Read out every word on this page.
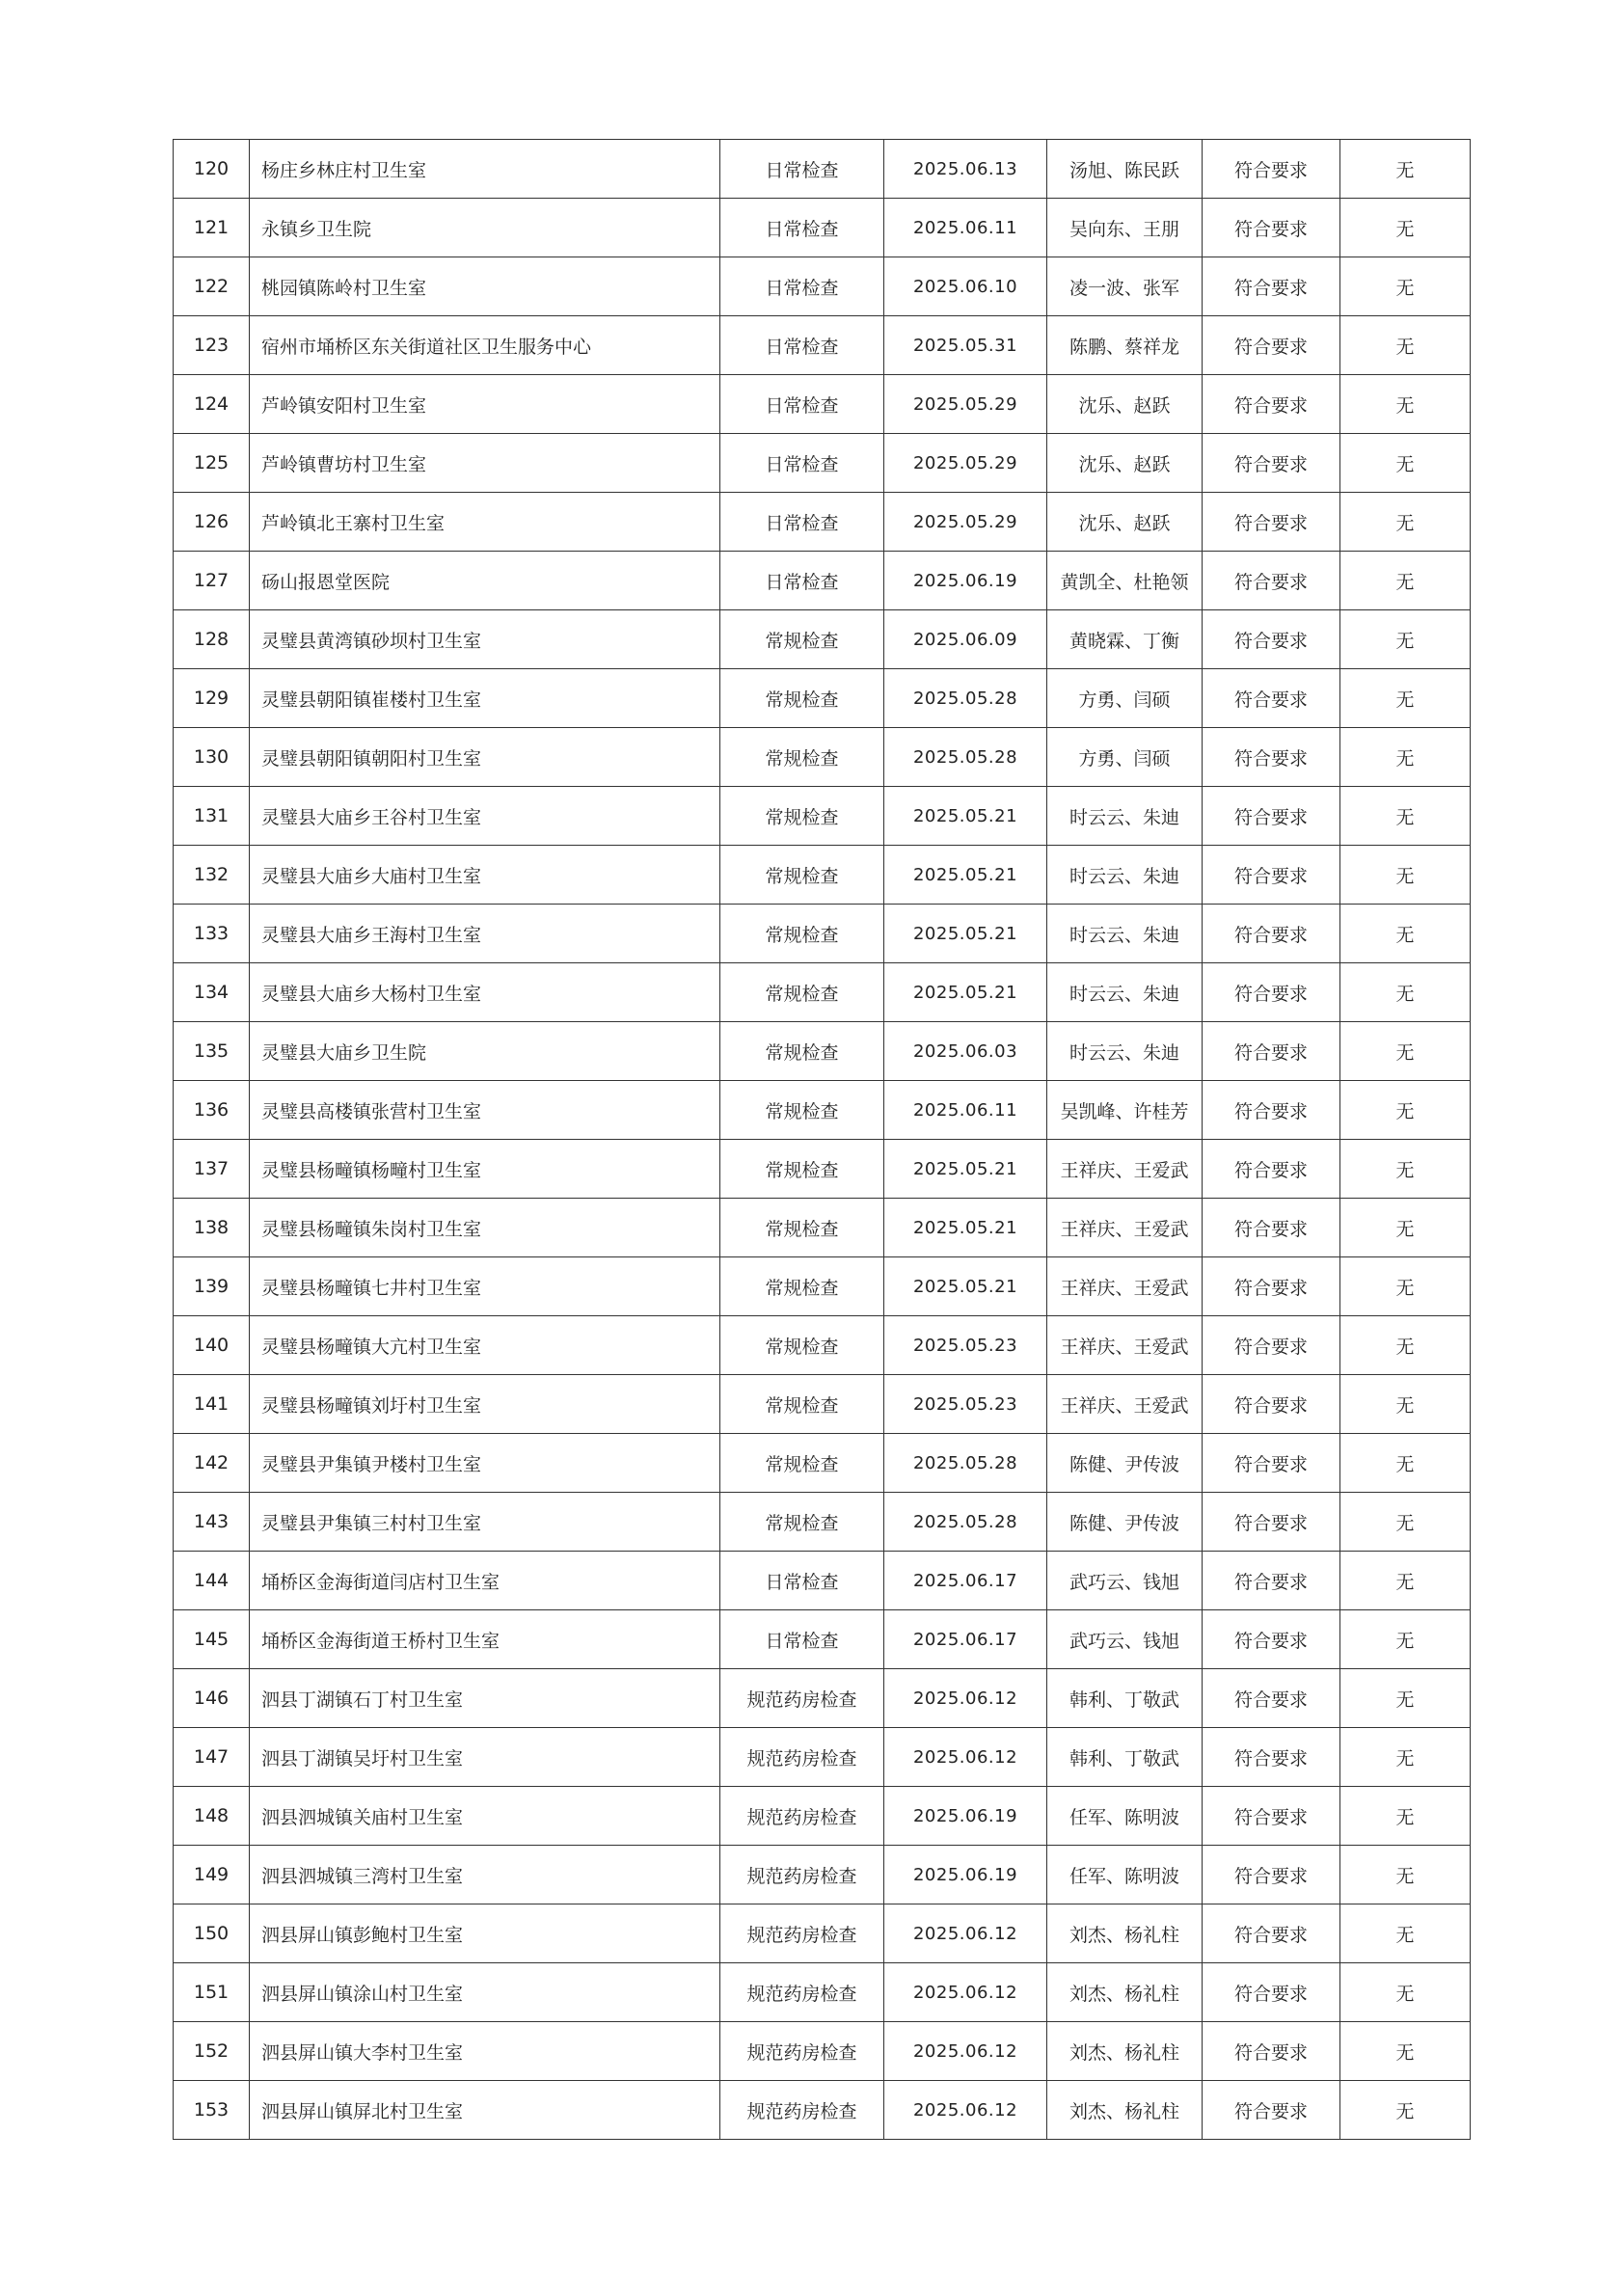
120	杨庄乡林庄村卫生室	日常检查	2025.06.13	汤旭、陈民跃	符合要求	无
121	永镇乡卫生院	日常检查	2025.06.11	吴向东、王朋	符合要求	无
122	桃园镇陈岭村卫生室	日常检查	2025.06.10	凌一波、张军	符合要求	无
123	宿州市埇桥区东关街道社区卫生服务中心	日常检查	2025.05.31	陈鹏、蔡祥龙	符合要求	无
124	芦岭镇安阳村卫生室	日常检查	2025.05.29	沈乐、赵跃	符合要求	无
125	芦岭镇曹坊村卫生室	日常检查	2025.05.29	沈乐、赵跃	符合要求	无
126	芦岭镇北王寨村卫生室	日常检查	2025.05.29	沈乐、赵跃	符合要求	无
127	砀山报恩堂医院	日常检查	2025.06.19	黄凯全、杜艳领	符合要求	无
128	灵璧县黄湾镇砂坝村卫生室	常规检查	2025.06.09	黄晓霖、丁衡	符合要求	无
129	灵璧县朝阳镇崔楼村卫生室	常规检查	2025.05.28	方勇、闫硕	符合要求	无
130	灵璧县朝阳镇朝阳村卫生室	常规检查	2025.05.28	方勇、闫硕	符合要求	无
131	灵璧县大庙乡王谷村卫生室	常规检查	2025.05.21	时云云、朱迪	符合要求	无
132	灵璧县大庙乡大庙村卫生室	常规检查	2025.05.21	时云云、朱迪	符合要求	无
133	灵璧县大庙乡王海村卫生室	常规检查	2025.05.21	时云云、朱迪	符合要求	无
134	灵璧县大庙乡大杨村卫生室	常规检查	2025.05.21	时云云、朱迪	符合要求	无
135	灵璧县大庙乡卫生院	常规检查	2025.06.03	时云云、朱迪	符合要求	无
136	灵璧县高楼镇张营村卫生室	常规检查	2025.06.11	吴凯峰、许桂芳	符合要求	无
137	灵璧县杨疃镇杨疃村卫生室	常规检查	2025.05.21	王祥庆、王爱武	符合要求	无
138	灵璧县杨疃镇朱岗村卫生室	常规检查	2025.05.21	王祥庆、王爱武	符合要求	无
139	灵璧县杨疃镇七井村卫生室	常规检查	2025.05.21	王祥庆、王爱武	符合要求	无
140	灵璧县杨疃镇大亢村卫生室	常规检查	2025.05.23	王祥庆、王爱武	符合要求	无
141	灵璧县杨疃镇刘圩村卫生室	常规检查	2025.05.23	王祥庆、王爱武	符合要求	无
142	灵璧县尹集镇尹楼村卫生室	常规检查	2025.05.28	陈健、尹传波	符合要求	无
143	灵璧县尹集镇三村村卫生室	常规检查	2025.05.28	陈健、尹传波	符合要求	无
144	埇桥区金海街道闫店村卫生室	日常检查	2025.06.17	武巧云、钱旭	符合要求	无
145	埇桥区金海街道王桥村卫生室	日常检查	2025.06.17	武巧云、钱旭	符合要求	无
146	泗县丁湖镇石丁村卫生室	规范药房检查	2025.06.12	韩利、丁敬武	符合要求	无
147	泗县丁湖镇吴圩村卫生室	规范药房检查	2025.06.12	韩利、丁敬武	符合要求	无
148	泗县泗城镇关庙村卫生室	规范药房检查	2025.06.19	任军、陈明波	符合要求	无
149	泗县泗城镇三湾村卫生室	规范药房检查	2025.06.19	任军、陈明波	符合要求	无
150	泗县屏山镇彭鲍村卫生室	规范药房检查	2025.06.12	刘杰、杨礼柱	符合要求	无
151	泗县屏山镇涂山村卫生室	规范药房检查	2025.06.12	刘杰、杨礼柱	符合要求	无
152	泗县屏山镇大李村卫生室	规范药房检查	2025.06.12	刘杰、杨礼柱	符合要求	无
153	泗县屏山镇屏北村卫生室	规范药房检查	2025.06.12	刘杰、杨礼柱	符合要求	无
